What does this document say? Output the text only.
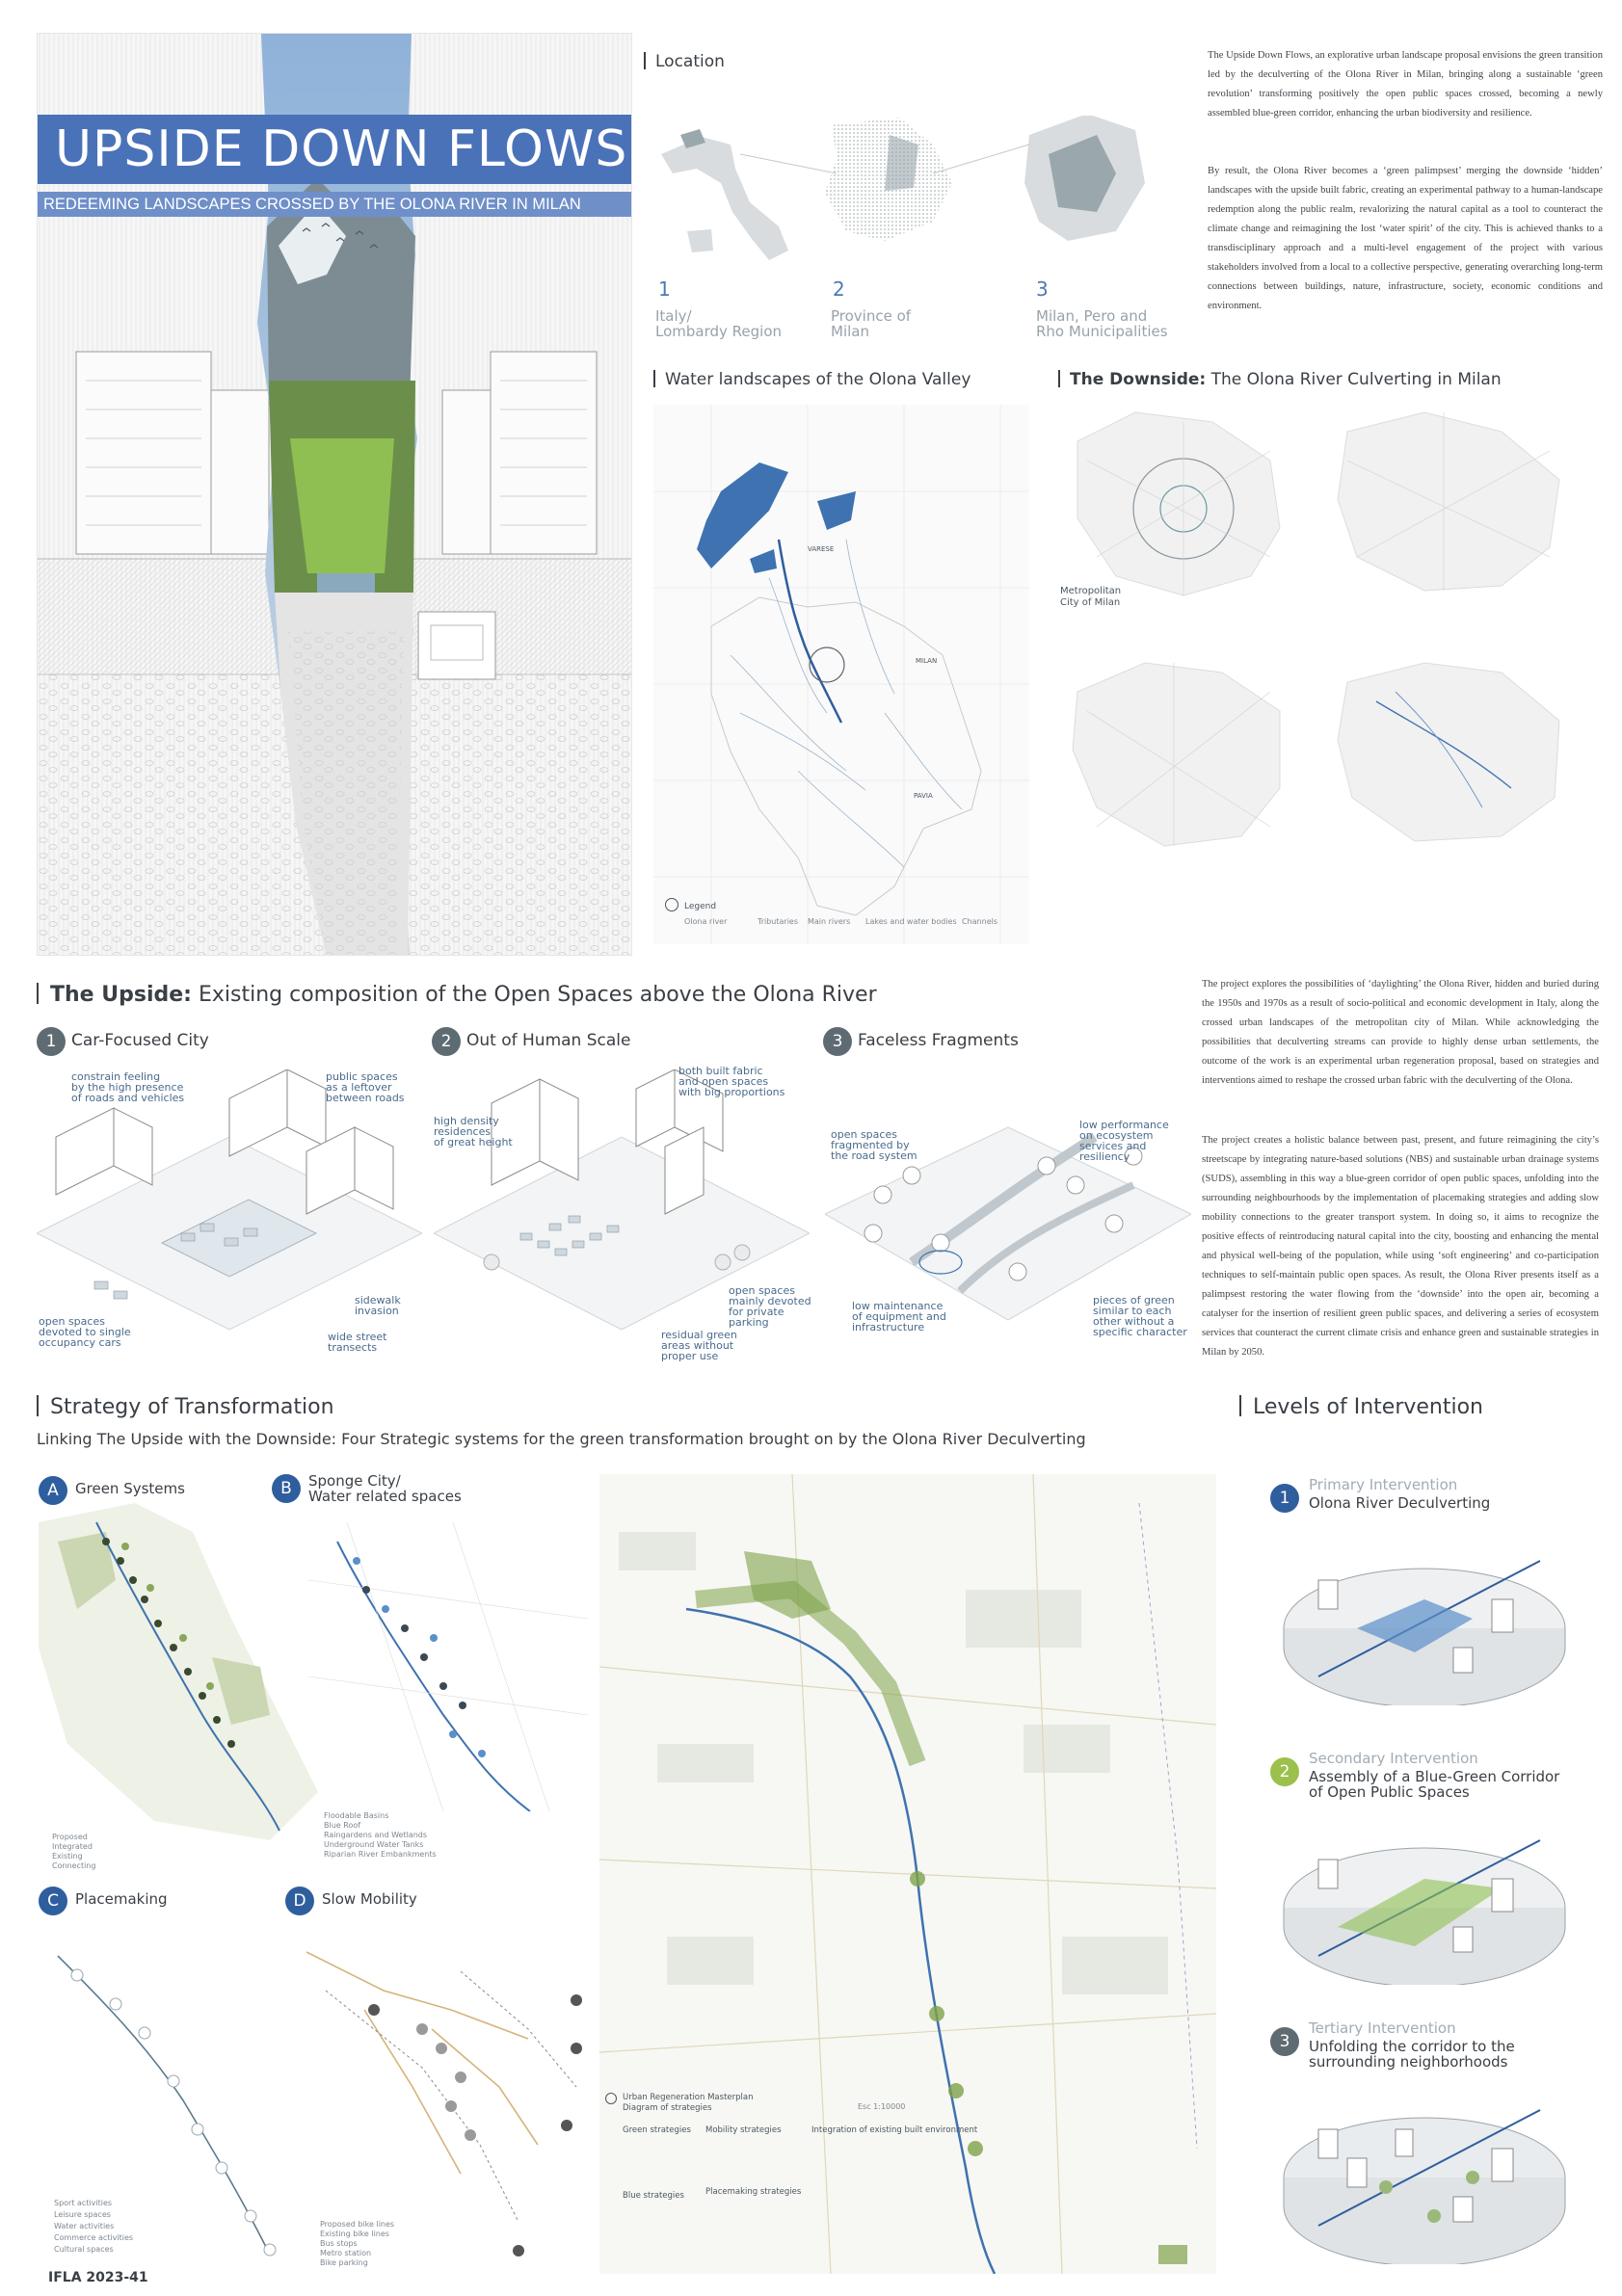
UPSIDE DOWN FLOWS
REDEEMING LANDSCAPES CROSSED BY THE OLONA RIVER IN MILAN
Location
1
Italy/
Lombardy Region
2
Province of
Milan
3
Milan, Pero and
Rho Municipalities
The Upside Down Flows, an explorative urban landscape proposal envisions the green transition led by the deculverting of the Olona River in Milan, bringing along a sustainable ‘green revolution’ transforming positively the open public spaces crossed, becoming a newly assembled blue-green corridor, enhancing the urban biodiversity and resilience.
By result, the Olona River becomes a ‘green palimpsest’ merging the downside ‘hidden’ landscapes with the upside built fabric, creating an experimental pathway to a human-landscape redemption along the public realm, revalorizing the natural capital as a tool to counteract the climate change and reimagining the lost ‘water spirit’ of the city. This is achieved thanks to a transdisciplinary approach and a multi-level engagement of the project with various stakeholders involved from a local to a collective perspective, generating overarching long-term connections between buildings, nature, infrastructure, society, economic conditions and environment.
Water landscapes of the Olona Valley
VARESE
MILAN
PAVIA
Legend
Olona river	Tributaries Main rivers Lakes and water bodies Channels
The Downside: The Olona River Culverting in Milan
Metropolitan
City of Milan
The Upside: Existing composition of the Open Spaces above the Olona River
1 Car-Focused City
constrain feeling
by the high presence
of roads and vehicles
public spaces
as a leftover
between roads
open spaces
devoted to single
occupancy cars
sidewalk
invasion
wide street
transects
2 Out of Human Scale
both built fabric
and open spaces
with big proportions
high density
residences
of great height
open spaces
mainly devoted
for private
parking
residual green
areas without
proper use
3 Faceless Fragments
open spaces
fragmented by
the road system
low performance
on ecosystem
services and
resiliency
low maintenance
of equipment and
infrastructure
pieces of green
similar to each
other without a
specific character
The project explores the possibilities of ‘daylighting’ the Olona River, hidden and buried during the 1950s and 1970s as a result of socio-political and economic development in Italy, along the crossed urban landscapes of the metropolitan city of Milan. While acknowledging the possibilities that deculverting streams can provide to highly dense urban settlements, the outcome of the work is an experimental urban regeneration proposal, based on strategies and interventions aimed to reshape the crossed urban fabric with the deculverting of the Olona.
The project creates a holistic balance between past, present, and future reimagining the city’s streetscape by integrating nature-based solutions (NBS) and sustainable urban drainage systems (SUDS), assembling in this way a blue-green corridor of open public spaces, unfolding into the surrounding neighbourhoods by the implementation of placemaking strategies and adding slow mobility connections to the greater transport system. In doing so, it aims to recognize the positive effects of reintroducing natural capital into the city, boosting and enhancing the mental and physical well-being of the population, while using ‘soft engineering’ and co-participation techniques to self-maintain public open spaces. As result, the Olona River presents itself as a palimpsest restoring the water flowing from the ‘downside’ into the open air, becoming a catalyser for the insertion of resilient green public spaces, and delivering a series of ecosystem services that counteract the current climate crisis and enhance green and sustainable strategies in Milan by 2050.
Strategy of Transformation
Linking The Upside with the Downside: Four Strategic systems for the green transformation brought on by the Olona River Deculverting
A	Green Systems
Proposed
Integrated
Existing
Connecting
B	Sponge City/
Water related spaces
Floodable Basins
Blue Roof
Raingardens and Wetlands
Underground Water Tanks
Riparian River Embankments
C	Placemaking
Sport activities
Leisure spaces
Water activities
Commerce activities
Cultural spaces
D	Slow Mobility
Proposed bike lines
Existing bike lines
Bus stops
Metro station
Bike parking
Urban Regeneration Masterplan
Diagram of strategies	Esc 1:10000
Green strategies Mobility strategies	Integration of existing built environment
Blue strategies	Placemaking strategies
Levels of Intervention
1
Primary Intervention
Olona River Deculverting
2
Secondary Intervention
Assembly of a Blue-Green Corridor
of Open Public Spaces
3
Tertiary Intervention
Unfolding the corridor to the
surrounding neighborhoods
IFLA 2023-41
